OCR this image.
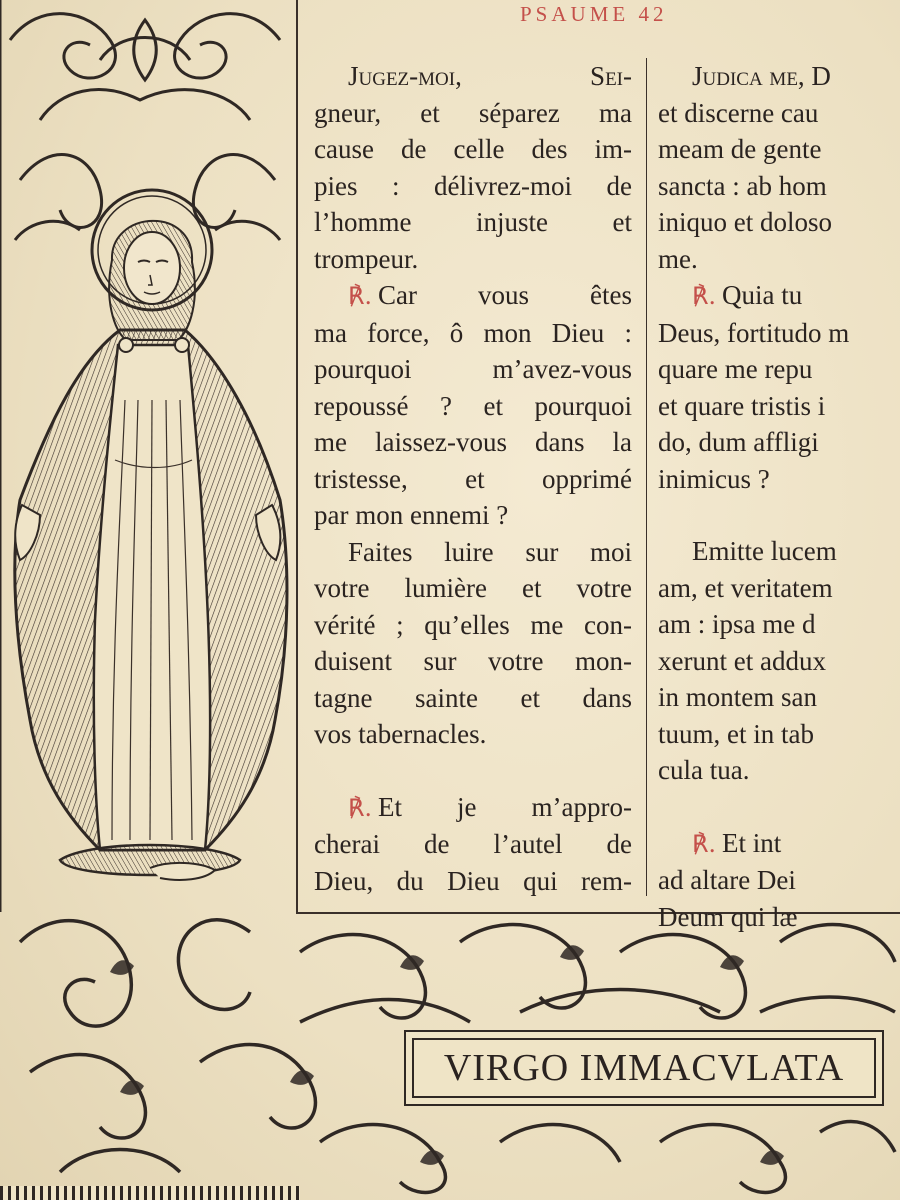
PSAUME 42
Jugez-moi, Sei-
gneur, et séparez ma
cause de celle des im-
pies : délivrez-moi de
l’homme injuste et
trompeur.
℟. Car vous êtes
ma force, ô mon Dieu :
pourquoi m’avez-vous
repoussé ? et pourquoi
me laissez-vous dans la
tristesse, et opprimé
par mon ennemi ?
Faites luire sur moi
votre lumière et votre
vérité ; qu’elles me con-
duisent sur votre mon-
tagne sainte et dans
vos tabernacles.
℟. Et je m’appro-
cherai de l’autel de
Dieu, du Dieu qui rem-
Judica me, D
et discerne cau
meam de gente
sancta : ab hom
iniquo et doloso
me.
℟. Quia tu
Deus, fortitudo m
quare me repu
et quare tristis i
do, dum affligi
inimicus ?
Emitte lucem
am, et veritatem
am : ipsa me d
xerunt et addux
in montem san
tuum, et in tab
cula tua.
℟. Et int
ad altare Dei
Deum qui læ
VIRGO IMMACVLATA
